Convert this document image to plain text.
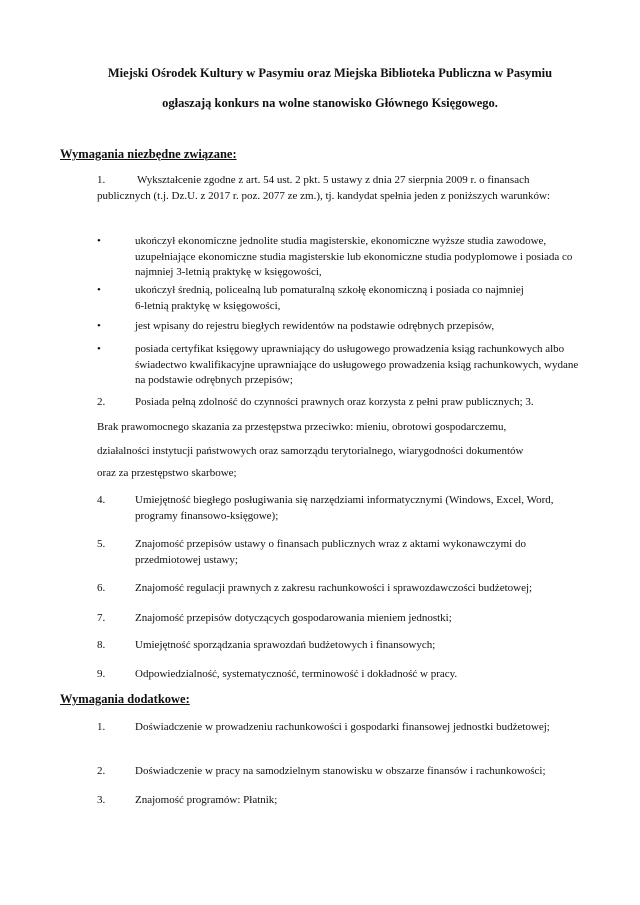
Miejski Ośrodek Kultury w Pasymiu oraz Miejska Biblioteka Publiczna w Pasymiu
ogłaszają konkurs na wolne stanowisko Głównego Księgowego.
Wymagania niezbędne związane:
1.	Wykształcenie zgodne z art. 54 ust. 2 pkt. 5 ustawy z dnia 27 sierpnia 2009 r. o finansach publicznych (t.j. Dz.U. z 2017 r. poz. 2077 ze zm.), tj. kandydat spełnia jeden z poniższych warunków:

•	ukończył ekonomiczne jednolite studia magisterskie, ekonomiczne wyższe studia zawodowe, uzupełniające ekonomiczne studia magisterskie lub ekonomiczne studia podyplomowe i posiada co najmniej 3-letnią praktykę w księgowości,

•	ukończył średnią, policealną lub pomaturalną szkołę ekonomiczną i posiada co najmniej 6-letnią praktykę w księgowości,

•	jest wpisany do rejestru biegłych rewidentów na podstawie odrębnych przepisów,

•	posiada certyfikat księgowy uprawniający do usługowego prowadzenia ksiąg rachunkowych albo świadectwo kwalifikacyjne uprawniające do usługowego prowadzenia ksiąg rachunkowych, wydane na podstawie odrębnych przepisów;

2.	Posiada pełną zdolność do czynności prawnych oraz korzysta z pełni praw publicznych; 3.

Brak prawomocnego skazania za przestępstwa przeciwko: mieniu, obrotowi gospodarczemu,

działalności instytucji państwowych oraz samorządu terytorialnego, wiarygodności dokumentów

oraz za przestępstwo skarbowe;

4.	Umiejętność biegłego posługiwania się narzędziami informatycznymi (Windows, Excel, Word, programy finansowo-księgowe);

5.	Znajomość przepisów ustawy o finansach publicznych wraz z aktami wykonawczymi do przedmiotowej ustawy;

6.	Znajomość regulacji prawnych z zakresu rachunkowości i sprawozdawczości budżetowej;

7.	Znajomość przepisów dotyczących gospodarowania mieniem jednostki;

8.	Umiejętność sporządzania sprawozdań budżetowych i finansowych;

9.	Odpowiedzialność, systematyczność, terminowość i dokładność w pracy.

Wymagania dodatkowe:
1.	Doświadczenie w prowadzeniu rachunkowości i gospodarki finansowej jednostki budżetowej;

2.	Doświadczenie w pracy na samodzielnym stanowisku w obszarze finansów i rachunkowości;

3.	Znajomość programów: Płatnik;
